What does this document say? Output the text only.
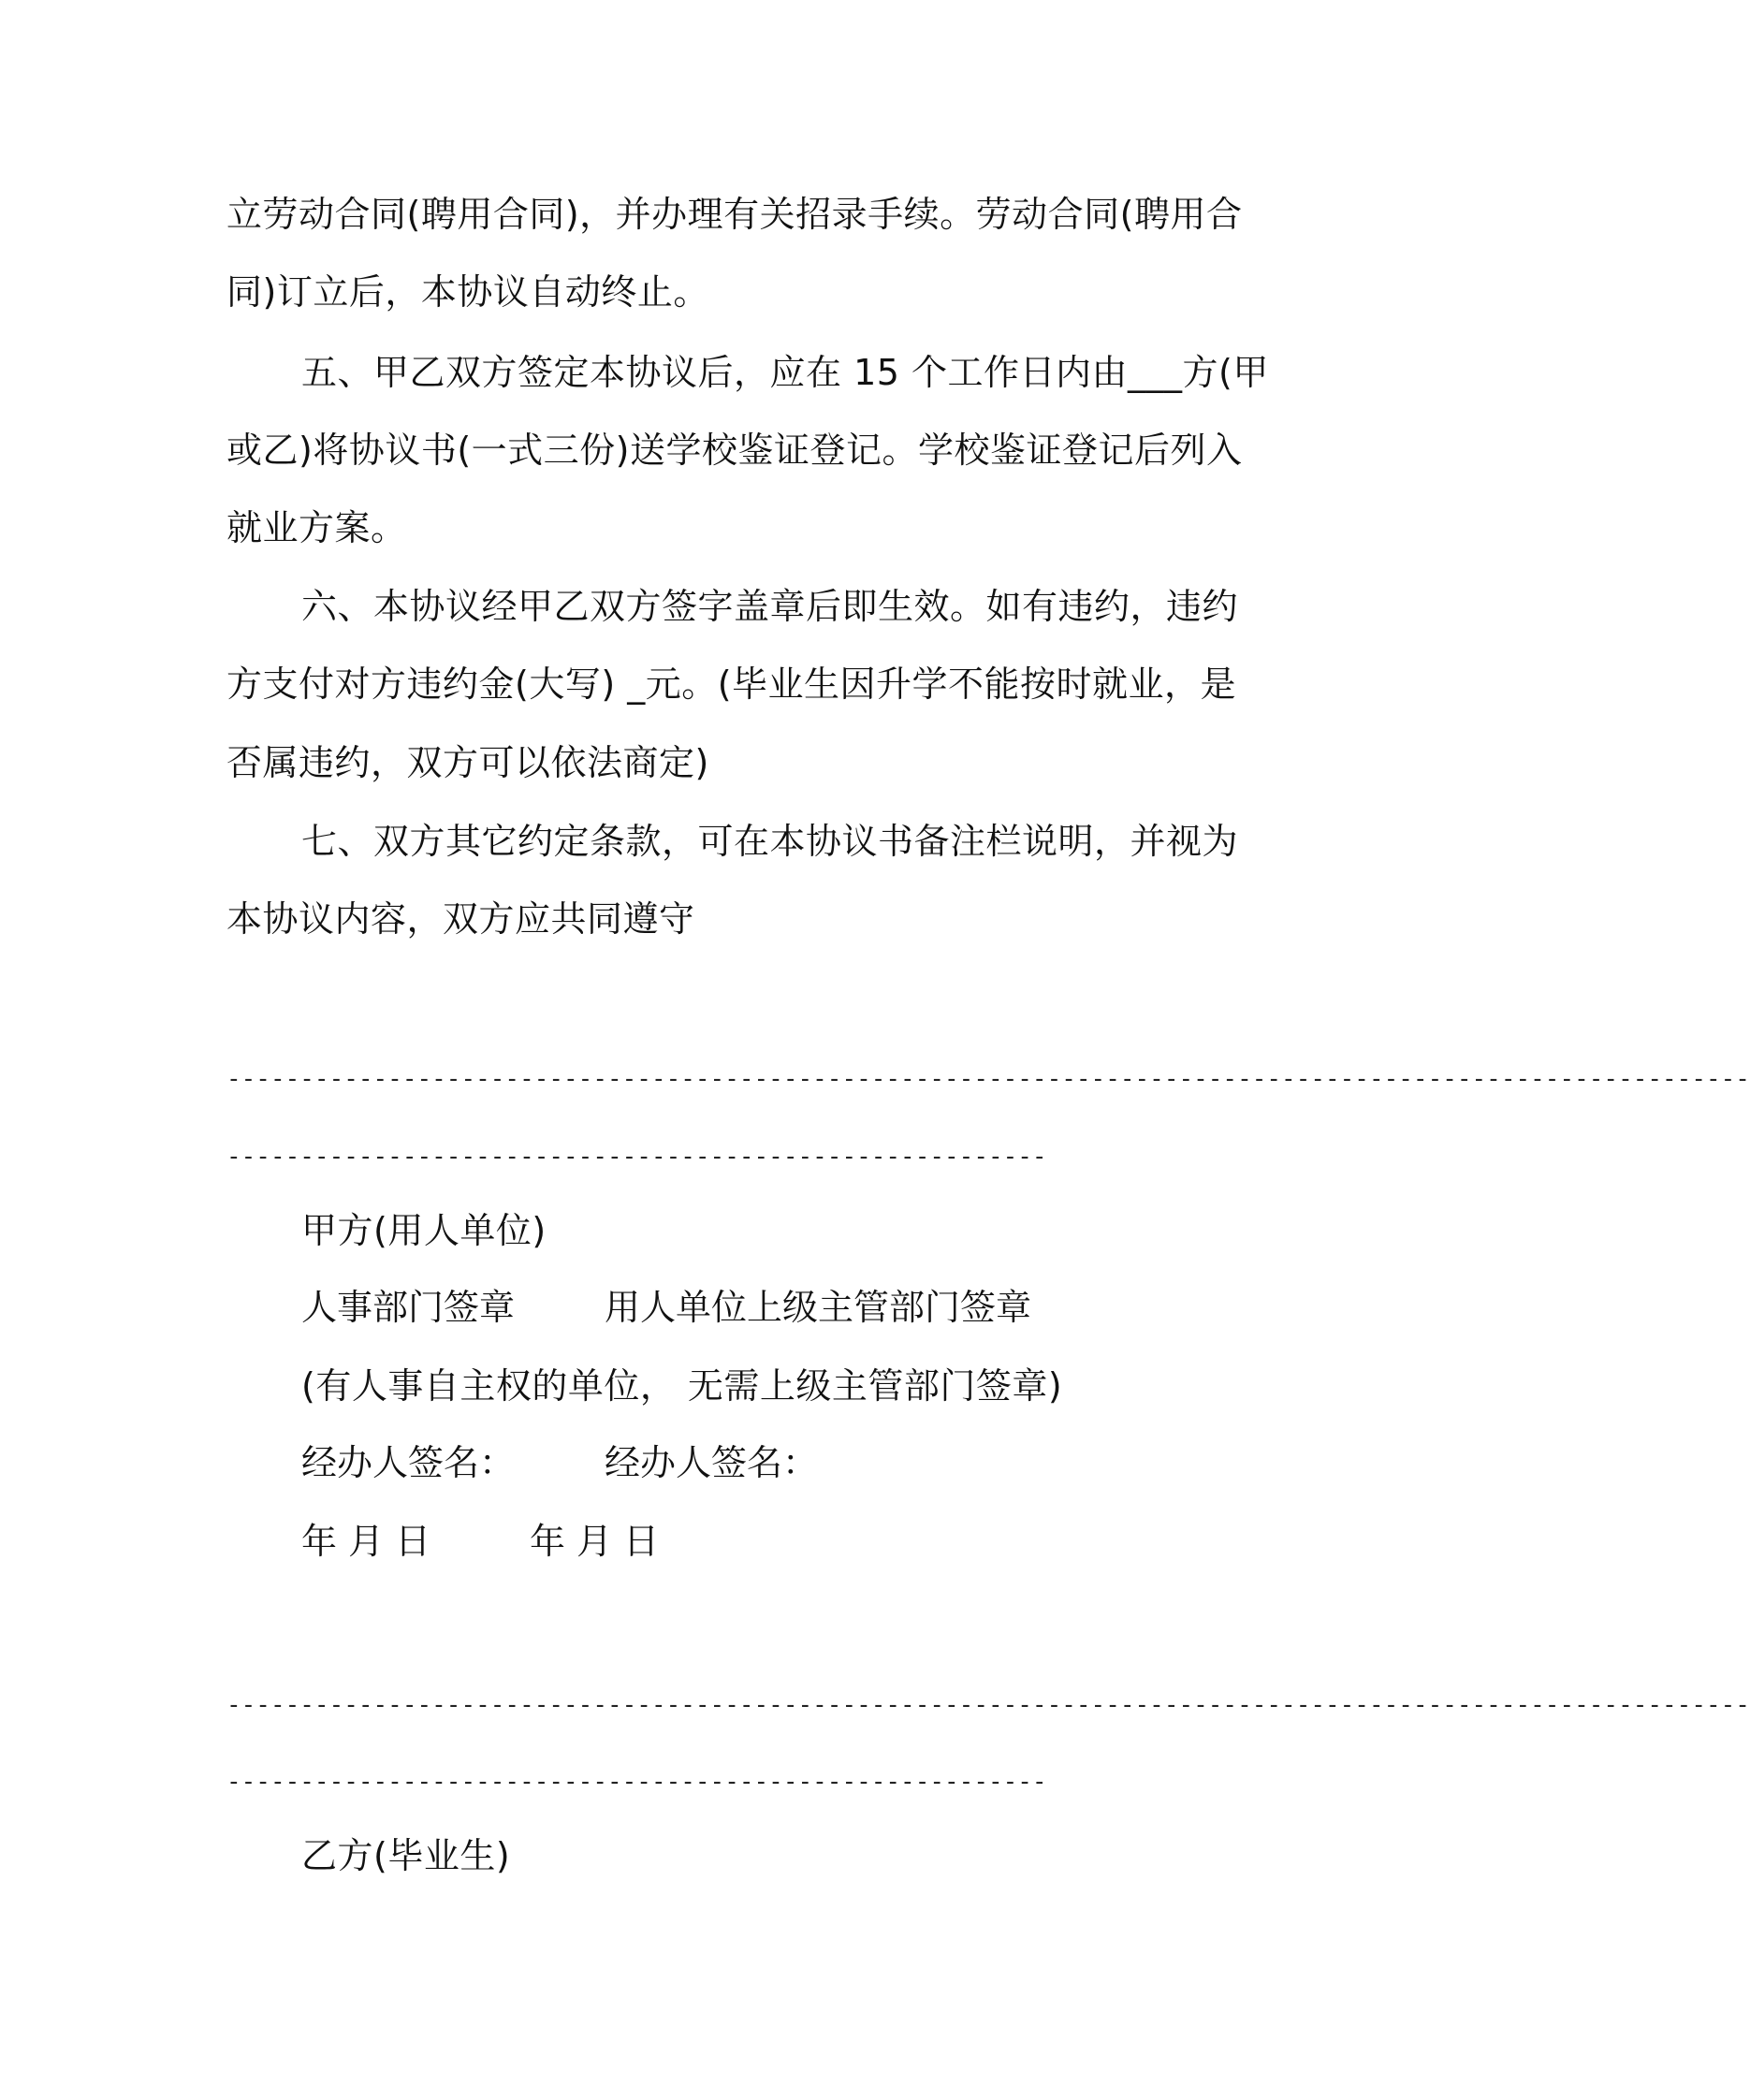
立劳动合同(聘用合同)，并办理有关招录手续。劳动合同(聘用合
同)订立后，本协议自动终止。
五、甲乙双方签定本协议后，应在 15 个工作日内由___方(甲
或乙)将协议书(一式三份)送学校鉴证登记。学校鉴证登记后列入
就业方案。
六、本协议经甲乙双方签字盖章后即生效。如有违约，违约
方支付对方违约金(大写) _元。(毕业生因升学不能按时就业，是
否属违约，双方可以依法商定)
七、双方其它约定条款，可在本协议书备注栏说明，并视为
本协议内容，双方应共同遵守
--------------------------------------------------------------------------------------------------------
--------------------------------------------------------
甲方(用人单位)
人事部门签章	用人单位上级主管部门签章
(有人事自主权的单位， 无需上级主管部门签章)
经办人签名：	经办人签名：
年 月 日	年 月 日
--------------------------------------------------------------------------------------------------------
--------------------------------------------------------
乙方(毕业生)
